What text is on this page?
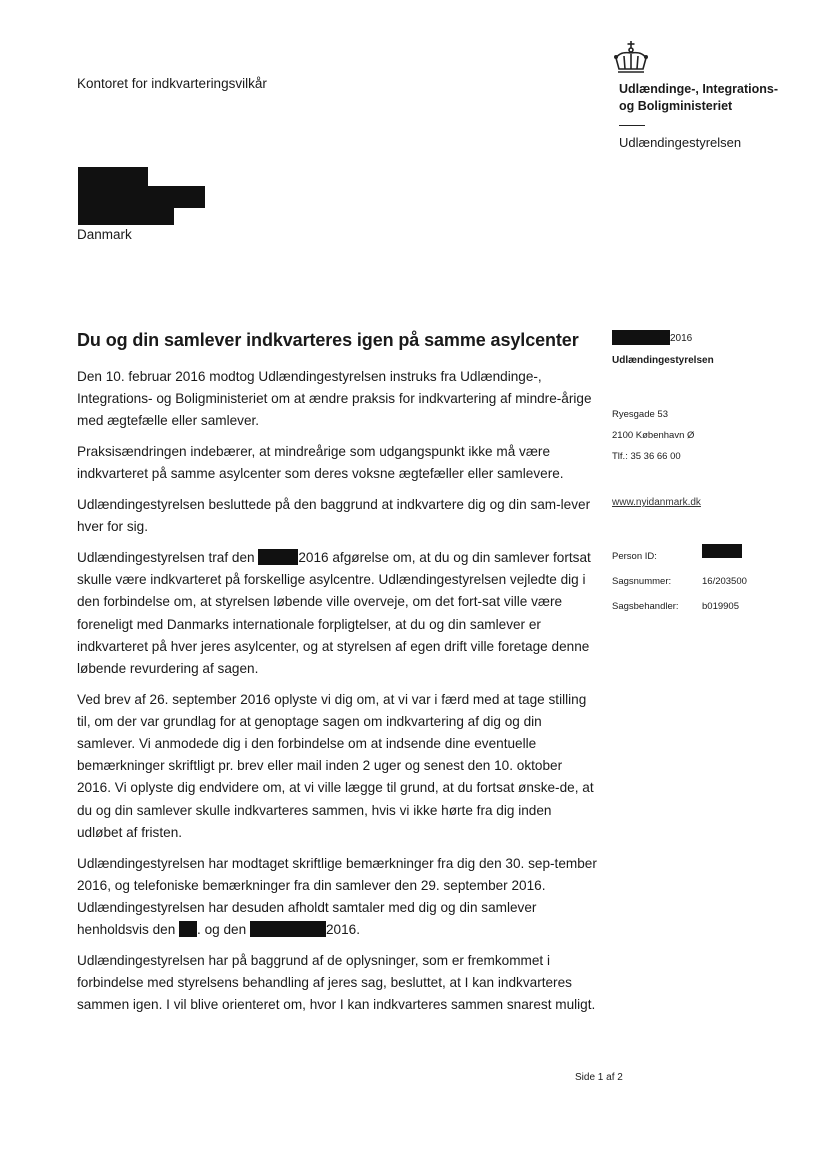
Kontoret for indkvarteringsvilkår	Udlændinge-, Integrations-
og Boligministeriet
Udlændingestyrelsen
Danmark
Du og din samlever indkvarteres igen på samme asylcenter

Den 10. februar 2016 modtog Udlændingestyrelsen instruks fra Udlændinge-, Integrations- og Boligministeriet om at ændre praksis for indkvartering af mindre-årige med ægtefælle eller samlever.

Praksisændringen indebærer, at mindreårige som udgangspunkt ikke må være indkvarteret på samme asylcenter som deres voksne ægtefæller eller samlevere.

Udlændingestyrelsen besluttede på den baggrund at indkvartere dig og din sam-lever hver for sig.

Udlændingestyrelsen traf den	2016 afgørelse om, at du og din samlever fortsat skulle være indkvarteret på forskellige asylcentre. Udlændingestyrelsen vejledte dig i den forbindelse om, at styrelsen løbende ville overveje, om det fort-sat ville være foreneligt med Danmarks internationale forpligtelser, at du og din samlever er indkvarteret på hver jeres asylcenter, og at styrelsen af egen drift ville foretage denne løbende revurdering af sagen.

Ved brev af 26. september 2016 oplyste vi dig om, at vi var i færd med at tage stilling til, om der var grundlag for at genoptage sagen om indkvartering af dig og din samlever. Vi anmodede dig i den forbindelse om at indsende dine eventuelle bemærkninger skriftligt pr. brev eller mail inden 2 uger og senest den 10. oktober 2016. Vi oplyste dig endvidere om, at vi ville lægge til grund, at du fortsat ønske-de, at du og din samlever skulle indkvarteres sammen, hvis vi ikke hørte fra dig inden udløbet af fristen.

Udlændingestyrelsen har modtaget skriftlige bemærkninger fra dig den 30. sep-tember 2016, og telefoniske bemærkninger fra din samlever den 29. september 2016. Udlændingestyrelsen har desuden afholdt samtaler med dig og din samlever henholdsvis den . og den	2016.

Udlændingestyrelsen har på baggrund af de oplysninger, som er fremkommet i forbindelse med styrelsens behandling af jeres sag, besluttet, at I kan indkvarteres sammen igen. I vil blive orienteret om, hvor I kan indkvarteres sammen snarest muligt.

2016
Udlændingestyrelsen
Ryesgade 53
2100 København Ø
Tlf.: 35 36 66 00
www.nyidanmark.dk
Person ID:
Sagsnummer:	16/203500
Sagsbehandler:	b019905
Side 1 af 2
